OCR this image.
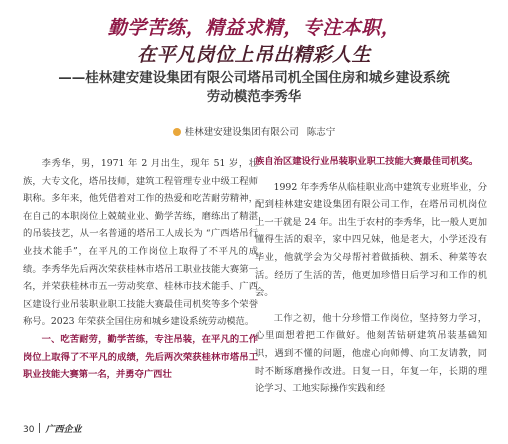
勤学苦练，精益求精，专注本职，
在平凡岗位上吊出精彩人生
——桂林建安建设集团有限公司塔吊司机全国住房和城乡建设系统
劳动模范李秀华
桂林建安建设集团有限公司 陈志宁

李秀华，男，1971 年 2 月出生，现年 51 岁，壮族，大专文化，塔吊技师，建筑工程管理专业中级工程师职称。多年来，他凭借着对工作的热爱和吃苦耐劳精神，在自己的本职岗位上兢兢业业、勤学苦练，磨练出了精湛的吊装技艺，从一名普通的塔吊工人成长为 “广西塔吊行业技术能手”，在平凡的工作岗位上取得了不平凡的成绩。李秀华先后两次荣获桂林市塔吊工职业技能大赛第一名，并荣获桂林市五一劳动奖章、桂林市技术能手、广西区建设行业吊装职业职工技能大赛最佳司机奖等多个荣誉称号。2023 年荣获全国住房和城乡建设系统劳动模范。

一、吃苦耐劳，勤学苦练，专注吊装，在平凡的工作岗位上取得了不平凡的成绩，先后两次荣获桂林市塔吊工职业技能大赛第一名，并勇夺广西壮

族自治区建设行业吊装职业职工技能大赛最佳司机奖。

1992 年李秀华从临桂职业高中建筑专业班毕业，分配到桂林建安建设集团有限公司工作，在塔吊司机岗位上一干就是 24 年。出生于农村的李秀华，比一般人更加懂得生活的艰辛，家中四兄妹，他是老大，小学还没有毕业，他就学会为父母帮衬着做插秧、割禾、种菜等农活。经历了生活的苦，他更加珍惜日后学习和工作的机会。

工作之初，他十分珍惜工作岗位，坚持努力学习，心里面想着把工作做好。他刻苦钻研建筑吊装基础知识，遇到不懂的问题，他虚心向师傅、向工友请教，同时不断琢磨操作改进。日复一日，年复一年，长期的理论学习、工地实际操作实践和经

30 广西企业
